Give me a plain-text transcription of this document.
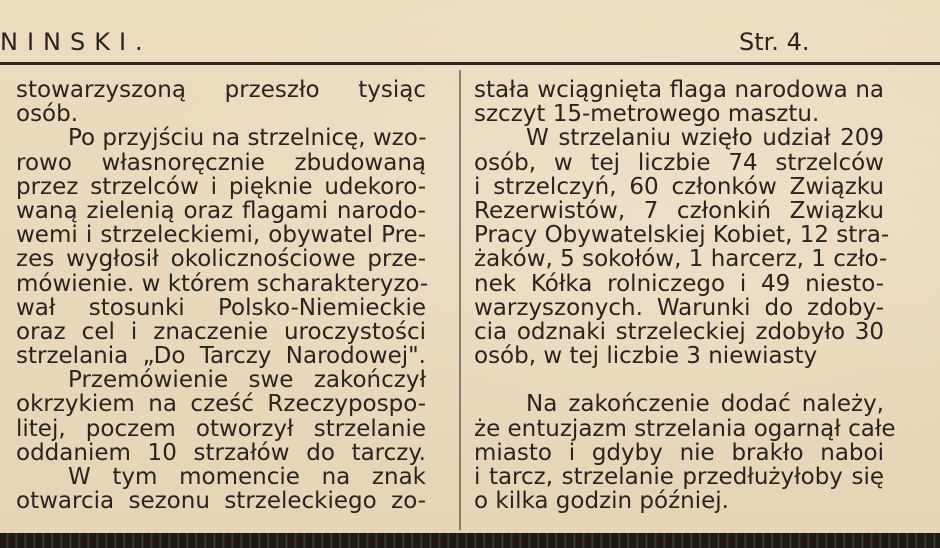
NINSKI.	Str. 4.
stowarzyszoną przeszło tysiąc
osób.
Po przyjściu na strzelnicę, wzo-
rowo własnoręcznie zbudowaną
przez strzelców i pięknie udekoro-
waną zielenią oraz flagami narodo-
wemi i strzeleckiemi, obywatel Pre-
zes wygłosił okolicznościowe prze-
mówienie. w którem scharakteryzo-
wał stosunki Polsko-Niemieckie
oraz cel i znaczenie uroczystości
strzelania „Do Tarczy Narodowej".
Przemówienie swe zakończył
okrzykiem na cześć Rzeczypospo-
litej, poczem otworzył strzelanie
oddaniem 10 strzałów do tarczy.
W tym momencie na znak
otwarcia sezonu strzeleckiego zo-
stała wciągnięta flaga narodowa na
szczyt 15-metrowego masztu.
W strzelaniu wzięło udział 209
osób, w tej liczbie 74 strzelców
i strzelczyń, 60 członków Związku
Rezerwistów, 7 członkiń Związku
Pracy Obywatelskiej Kobiet, 12 stra-
żaków, 5 sokołów, 1 harcerz, 1 czło-
nek Kółka rolniczego i 49 niesto-
warzyszonych. Warunki do zdoby-
cia odznaki strzeleckiej zdobyło 30
osób, w tej liczbie 3 niewiasty
Na zakończenie dodać należy,
że entuzjazm strzelania ogarnął całe
miasto i gdyby nie brakło naboi
i tarcz, strzelanie przedłużyłoby się
o kilka godzin później.
